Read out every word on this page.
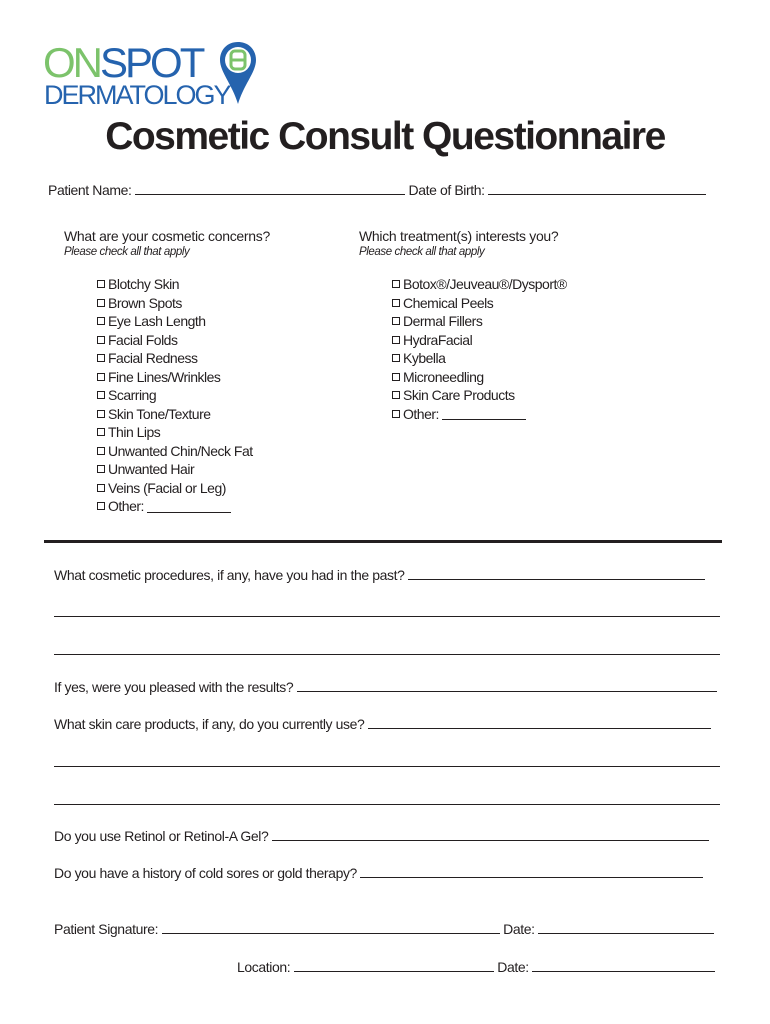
ONSPOT
DERMATOLOGY
Cosmetic Consult Questionnaire
Patient Name:	Date of Birth:
What are your cosmetic concerns?
Please check all that apply
Blotchy Skin
Brown Spots
Eye Lash Length
Facial Folds
Facial Redness
Fine Lines/Wrinkles
Scarring
Skin Tone/Texture
Thin Lips
Unwanted Chin/Neck Fat
Unwanted Hair
Veins (Facial or Leg)
Other:

Which treatment(s) interests you?
Please check all that apply
Botox®/Jeuveau®/Dysport®
Chemical Peels
Dermal Fillers
HydraFacial
Kybella
Microneedling
Skin Care Products
Other:

What cosmetic procedures, if any, have you had in the past?
If yes, were you pleased with the results?
What skin care products, if any, do you currently use?
Do you use Retinol or Retinol-A Gel?
Do you have a history of cold sores or gold therapy?
Patient Signature:	Date:
Location:	Date:
